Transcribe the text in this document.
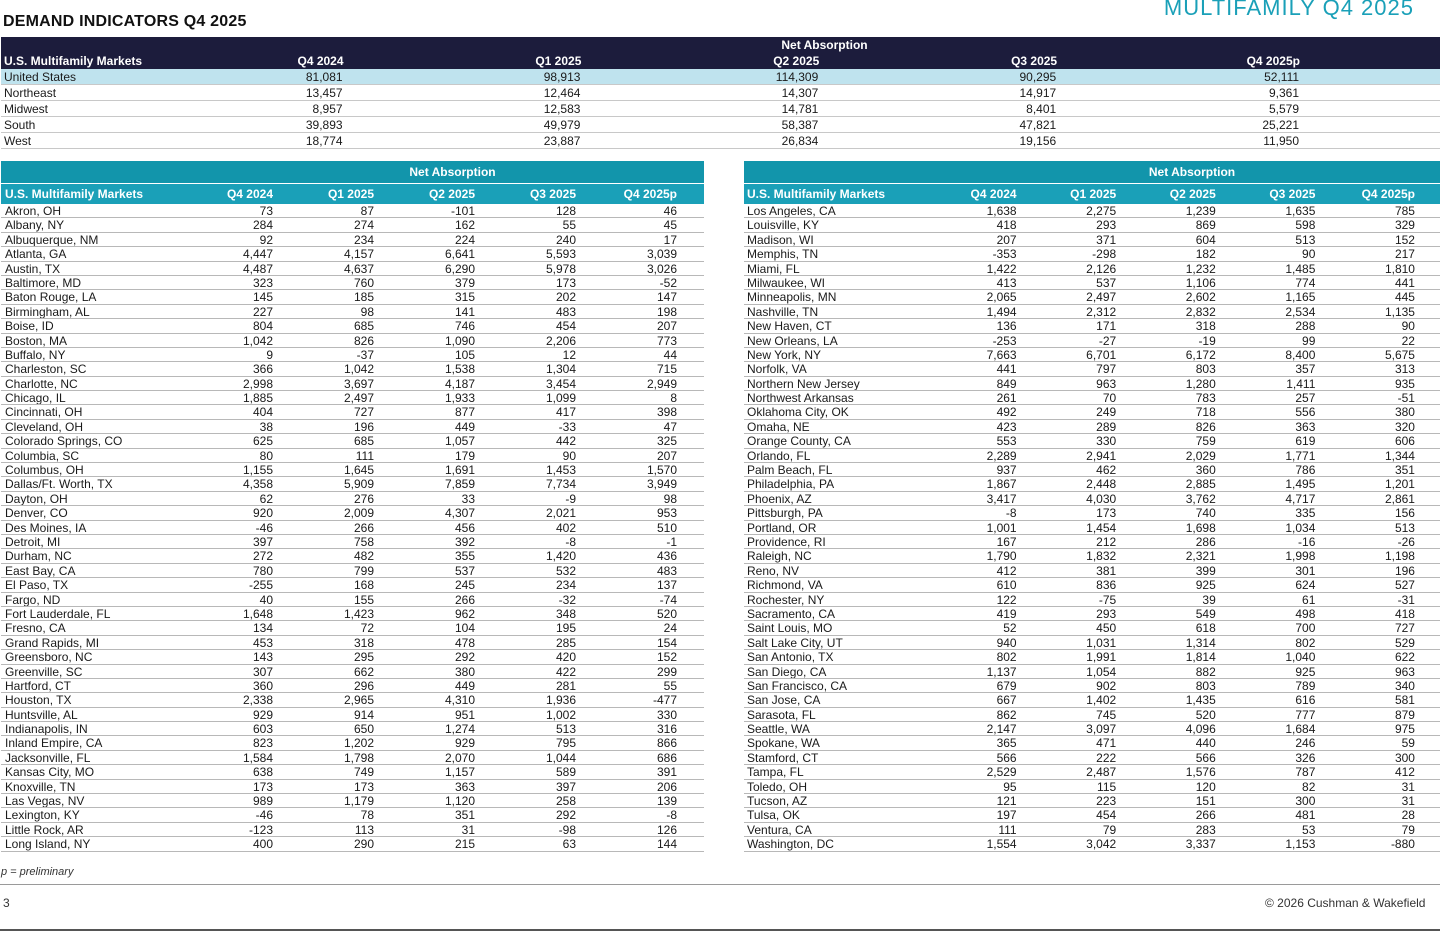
DEMAND INDICATORS Q4 2025
MULTIFAMILY Q4 2025
Net Absorption
U.S. Multifamily Markets	Q4 2024	Q1 2025	Q2 2025	Q3 2025	Q4 2025p
United States	81,081	98,913	114,309	90,295	52,111
Northeast	13,457	12,464	14,307	14,917	9,361
Midwest	8,957	12,583	14,781	8,401	5,579
South	39,893	49,979	58,387	47,821	25,221
West	18,774	23,887	26,834	19,156	11,950
Net Absorption
U.S. Multifamily Markets	Q4 2024	Q1 2025	Q2 2025	Q3 2025	Q4 2025p
Akron, OH	73	87	-101	128	46
Albany, NY	284	274	162	55	45
Albuquerque, NM	92	234	224	240	17
Atlanta, GA	4,447	4,157	6,641	5,593	3,039
Austin, TX	4,487	4,637	6,290	5,978	3,026
Baltimore, MD	323	760	379	173	-52
Baton Rouge, LA	145	185	315	202	147
Birmingham, AL	227	98	141	483	198
Boise, ID	804	685	746	454	207
Boston, MA	1,042	826	1,090	2,206	773
Buffalo, NY	9	-37	105	12	44
Charleston, SC	366	1,042	1,538	1,304	715
Charlotte, NC	2,998	3,697	4,187	3,454	2,949
Chicago, IL	1,885	2,497	1,933	1,099	8
Cincinnati, OH	404	727	877	417	398
Cleveland, OH	38	196	449	-33	47
Colorado Springs, CO	625	685	1,057	442	325
Columbia, SC	80	111	179	90	207
Columbus, OH	1,155	1,645	1,691	1,453	1,570
Dallas/Ft. Worth, TX	4,358	5,909	7,859	7,734	3,949
Dayton, OH	62	276	33	-9	98
Denver, CO	920	2,009	4,307	2,021	953
Des Moines, IA	-46	266	456	402	510
Detroit, MI	397	758	392	-8	-1
Durham, NC	272	482	355	1,420	436
East Bay, CA	780	799	537	532	483
El Paso, TX	-255	168	245	234	137
Fargo, ND	40	155	266	-32	-74
Fort Lauderdale, FL	1,648	1,423	962	348	520
Fresno, CA	134	72	104	195	24
Grand Rapids, MI	453	318	478	285	154
Greensboro, NC	143	295	292	420	152
Greenville, SC	307	662	380	422	299
Hartford, CT	360	296	449	281	55
Houston, TX	2,338	2,965	4,310	1,936	-477
Huntsville, AL	929	914	951	1,002	330
Indianapolis, IN	603	650	1,274	513	316
Inland Empire, CA	823	1,202	929	795	866
Jacksonville, FL	1,584	1,798	2,070	1,044	686
Kansas City, MO	638	749	1,157	589	391
Knoxville, TN	173	173	363	397	206
Las Vegas, NV	989	1,179	1,120	258	139
Lexington, KY	-46	78	351	292	-8
Little Rock, AR	-123	113	31	-98	126
Long Island, NY	400	290	215	63	144
Net Absorption
U.S. Multifamily Markets	Q4 2024	Q1 2025	Q2 2025	Q3 2025	Q4 2025p
Los Angeles, CA	1,638	2,275	1,239	1,635	785
Louisville, KY	418	293	869	598	329
Madison, WI	207	371	604	513	152
Memphis, TN	-353	-298	182	90	217
Miami, FL	1,422	2,126	1,232	1,485	1,810
Milwaukee, WI	413	537	1,106	774	441
Minneapolis, MN	2,065	2,497	2,602	1,165	445
Nashville, TN	1,494	2,312	2,832	2,534	1,135
New Haven, CT	136	171	318	288	90
New Orleans, LA	-253	-27	-19	99	22
New York, NY	7,663	6,701	6,172	8,400	5,675
Norfolk, VA	441	797	803	357	313
Northern New Jersey	849	963	1,280	1,411	935
Northwest Arkansas	261	70	783	257	-51
Oklahoma City, OK	492	249	718	556	380
Omaha, NE	423	289	826	363	320
Orange County, CA	553	330	759	619	606
Orlando, FL	2,289	2,941	2,029	1,771	1,344
Palm Beach, FL	937	462	360	786	351
Philadelphia, PA	1,867	2,448	2,885	1,495	1,201
Phoenix, AZ	3,417	4,030	3,762	4,717	2,861
Pittsburgh, PA	-8	173	740	335	156
Portland, OR	1,001	1,454	1,698	1,034	513
Providence, RI	167	212	286	-16	-26
Raleigh, NC	1,790	1,832	2,321	1,998	1,198
Reno, NV	412	381	399	301	196
Richmond, VA	610	836	925	624	527
Rochester, NY	122	-75	39	61	-31
Sacramento, CA	419	293	549	498	418
Saint Louis, MO	52	450	618	700	727
Salt Lake City, UT	940	1,031	1,314	802	529
San Antonio, TX	802	1,991	1,814	1,040	622
San Diego, CA	1,137	1,054	882	925	963
San Francisco, CA	679	902	803	789	340
San Jose, CA	667	1,402	1,435	616	581
Sarasota, FL	862	745	520	777	879
Seattle, WA	2,147	3,097	4,096	1,684	975
Spokane, WA	365	471	440	246	59
Stamford, CT	566	222	566	326	300
Tampa, FL	2,529	2,487	1,576	787	412
Toledo, OH	95	115	120	82	31
Tucson, AZ	121	223	151	300	31
Tulsa, OK	197	454	266	481	28
Ventura, CA	111	79	283	53	79
Washington, DC	1,554	3,042	3,337	1,153	-880
p = preliminary
3	© 2026 Cushman & Wakefield
